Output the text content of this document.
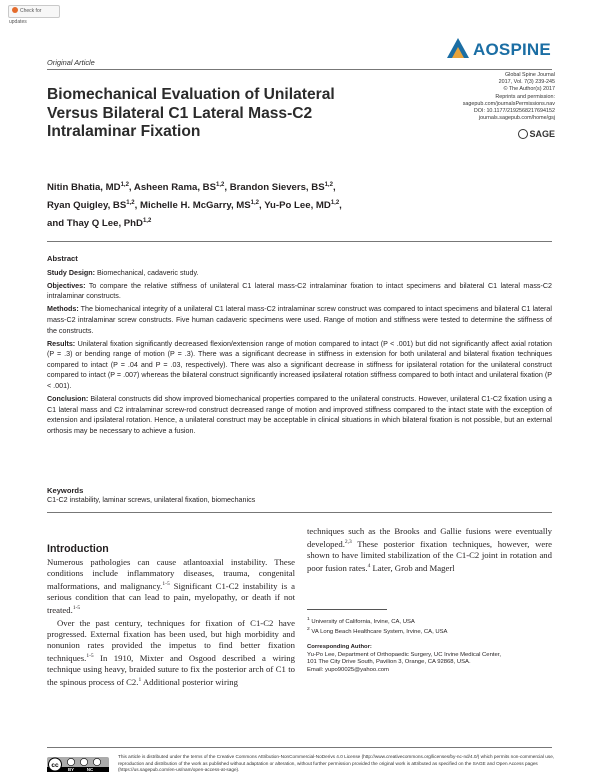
Check for updates
Original Article
AOSPINE
Global Spine Journal
2017, Vol. 7(3) 239-245
© The Author(s) 2017
Reprints and permission:
sagepub.com/journalsPermissions.nav
DOI: 10.1177/2192568217694152
journals.sagepub.com/home/gsj
SAGE
Biomechanical Evaluation of Unilateral Versus Bilateral C1 Lateral Mass-C2 Intralaminar Fixation
Nitin Bhatia, MD$^{1,2}$, Asheen Rama, BS$^{1,2}$, Brandon Sievers, BS$^{1,2}$,
Ryan Quigley, BS$^{1,2}$, Michelle H. McGarry, MS$^{1,2}$, Yu-Po Lee, MD$^{1,2}$,
and Thay Q Lee, PhD$^{1,2}$
Abstract

Study Design: Biomechanical, cadaveric study.

Objectives: To compare the relative stiffness of unilateral C1 lateral mass-C2 intralaminar fixation to intact specimens and bilateral C1 lateral mass-C2 intralaminar constructs.

Methods: The biomechanical integrity of a unilateral C1 lateral mass-C2 intralaminar screw construct was compared to intact specimens and bilateral C1 lateral mass-C2 intralaminar screw constructs. Five human cadaveric specimens were used. Range of motion and stiffness were tested to determine the stiffness of the constructs.

Results: Unilateral fixation significantly decreased flexion/extension range of motion compared to intact (P < .001) but did not significantly affect axial rotation (P = .3) or bending range of motion (P = .3). There was a significant decrease in stiffness in extension for both unilateral and bilateral fixation techniques compared to intact (P = .04 and P = .03, respectively). There was also a significant decrease in stiffness for ipsilateral rotation for the unilateral construct compared to intact (P = .007) whereas the bilateral construct significantly increased ipsilateral rotation stiffness compared to both intact and unilateral fixation (P < .001).

Conclusion: Bilateral constructs did show improved biomechanical properties compared to the unilateral constructs. However, unilateral C1-C2 fixation using a C1 lateral mass and C2 intralaminar screw-rod construct decreased range of motion and improved stiffness compared to the intact state with the exception of extension and ipsilateral rotation. Hence, a unilateral construct may be acceptable in clinical situations in which bilateral fixation is not possible, but an external orthosis may be necessary to achieve a fusion.

Keywords
C1-C2 instability, laminar screws, unilateral fixation, biomechanics
Introduction

Numerous pathologies can cause atlantoaxial instability. These conditions include inflammatory diseases, trauma, congenital malformations, and malignancy.$^{1-5}$ Significant C1-C2 instability is a serious condition that can lead to pain, myelopathy, or death if not treated.$^{1-5}$

Over the past century, techniques for fixation of C1-C2 have progressed. External fixation has been used, but high morbidity and nonunion rates provided the impetus to find better fixation techniques.$^{1-5}$ In 1910, Mixter and Osgood described a wiring technique using heavy, braided suture to fix the posterior arch of C1 to the spinous process of C2.$^1$ Additional posterior wiring

techniques such as the Brooks and Gallie fusions were eventually developed.$^{2,3}$ These posterior fixation techniques, however, were shown to have limited stabilization of the C1-C2 joint in rotation and poor fusion rates.$^4$ Later, Grob and Magerl

$^1$ University of California, Irvine, CA, USA
$^2$ VA Long Beach Healthcare System, Irvine, CA, USA
Corresponding Author:
Yu-Po Lee, Department of Orthopaedic Surgery, UC Irvine Medical Center,
101 The City Drive South, Pavilion 3, Orange, CA 92868, USA.
Email: yupo90025@yahoo.com
cc
BY	NC
This article is distributed under the terms of the Creative Commons Attribution-NonCommercial-NoDerivs 4.0 License (http://www.creativecommons.org/licenses/by-nc-nd/4.0/) which permits non-commercial use, reproduction and distribution of the work as published without adaptation or alteration, without further permission provided the original work is attributed as specified on the SAGE and Open Access pages (https://us.sagepub.com/en-us/nam/open-access-at-sage).
